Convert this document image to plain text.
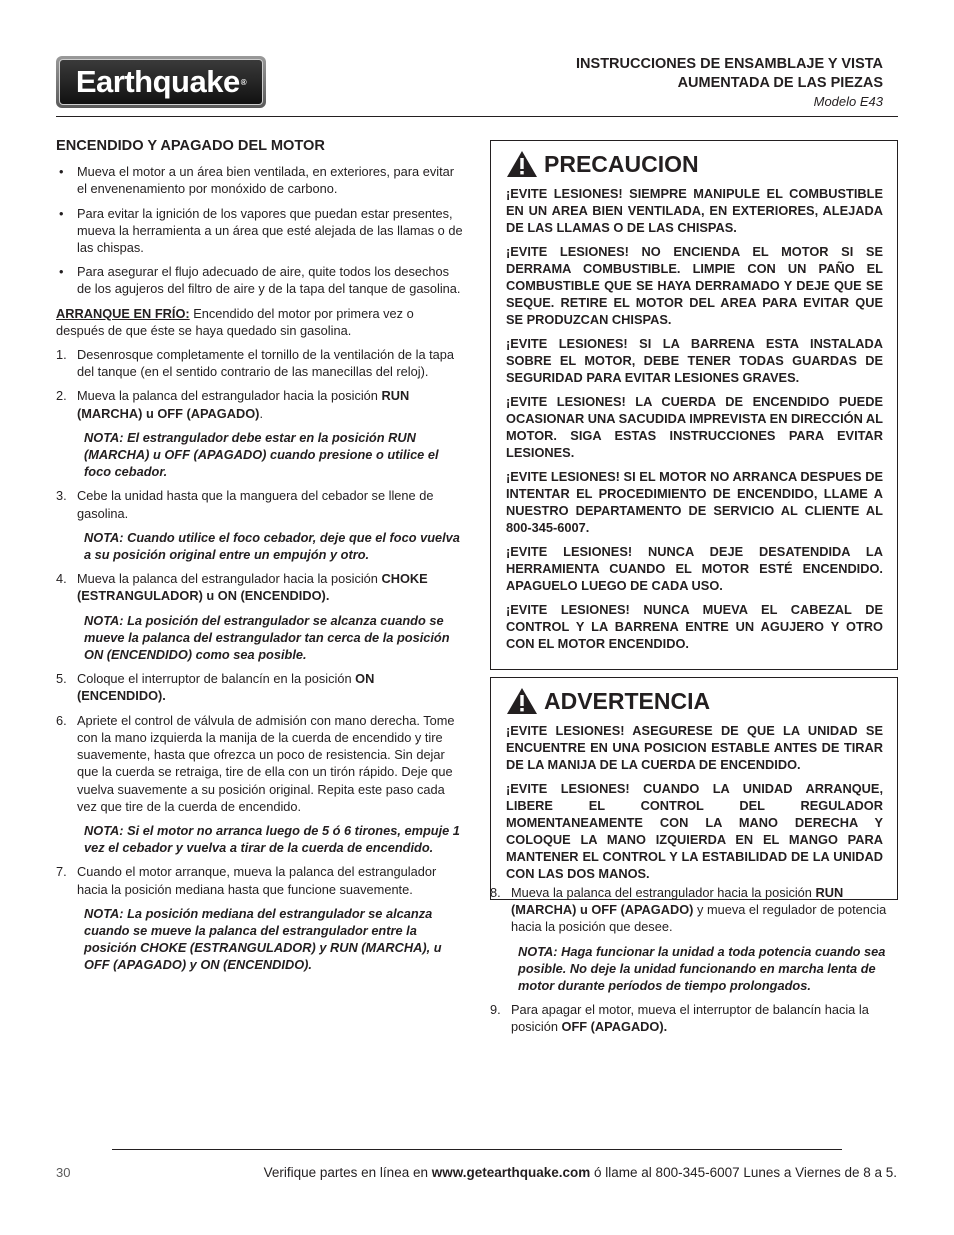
Earthquake ®
INSTRUCCIONES DE ENSAMBLAJE Y VISTA
AUMENTADA DE LAS PIEZAS
Modelo E43
ENCENDIDO Y APAGADO DEL MOTOR
• Mueva el motor a un área bien ventilada, en exteriores, para evitar el envenenamiento por monóxido de carbono.
• Para evitar la ignición de los vapores que puedan estar presentes, mueva la herramienta a un área que esté alejada de las llamas o de las chispas.
• Para asegurar el flujo adecuado de aire, quite todos los desechos de los agujeros del filtro de aire y de la tapa del tanque de gasolina.

ARRANQUE EN FRÍO: Encendido del motor por primera vez o después de que éste se haya quedado sin gasolina.

1. Desenrosque completamente el tornillo de la ventilación de la tapa del tanque (en el sentido contrario de las manecillas del reloj).
2. Mueva la palanca del estrangulador hacia la posición RUN (MARCHA) u OFF (APAGADO).
NOTA: El estrangulador debe estar en la posición RUN (MARCHA) u OFF (APAGADO) cuando presione o utilice el foco cebador.
3. Cebe la unidad hasta que la manguera del cebador se llene de gasolina.
NOTA: Cuando utilice el foco cebador, deje que el foco vuelva a su posición original entre un empujón y otro.
4. Mueva la palanca del estrangulador hacia la posición CHOKE (ESTRANGULADOR) u ON (ENCENDIDO).
NOTA: La posición del estrangulador se alcanza cuando se mueve la palanca del estrangulador tan cerca de la posición ON (ENCENDIDO) como sea posible.
5. Coloque el interruptor de balancín en la posición ON (ENCENDIDO).
6. Apriete el control de válvula de admisión con mano derecha. Tome con la mano izquierda la manija de la cuerda de encendido y tire suavemente, hasta que ofrezca un poco de resistencia. Sin dejar que la cuerda se retraiga, tire de ella con un tirón rápido. Deje que vuelva suavemente a su posición original. Repita este paso cada vez que tire de la cuerda de encendido.
NOTA: Si el motor no arranca luego de 5 ó 6 tirones, empuje 1 vez el cebador y vuelva a tirar de la cuerda de encendido.
7. Cuando el motor arranque, mueva la palanca del estrangulador hacia la posición mediana hasta que funcione suavemente.
NOTA: La posición mediana del estrangulador se alcanza cuando se mueve la palanca del estrangulador entre la posición CHOKE (ESTRANGULADOR) y RUN (MARCHA), u OFF (APAGADO) y ON (ENCENDIDO).
PRECAUCION

¡EVITE LESIONES! SIEMPRE MANIPULE EL COMBUSTIBLE EN UN AREA BIEN VENTILADA, EN EXTERIORES, ALEJADA DE LAS LLAMAS O DE LAS CHISPAS.

¡EVITE LESIONES! NO ENCIENDA EL MOTOR SI SE DERRAMA COMBUSTIBLE. LIMPIE CON UN PAÑO EL COMBUSTIBLE QUE SE HAYA DERRAMADO Y DEJE QUE SE SEQUE. RETIRE EL MOTOR DEL AREA PARA EVITAR QUE SE PRODUZCAN CHISPAS.

¡EVITE LESIONES! SI LA BARRENA ESTA INSTALADA SOBRE EL MOTOR, DEBE TENER TODAS GUARDAS DE SEGURIDAD PARA EVITAR LESIONES GRAVES.

¡EVITE LESIONES! LA CUERDA DE ENCENDIDO PUEDE OCASIONAR UNA SACUDIDA IMPREVISTA EN DIRECCIÓN AL MOTOR. SIGA ESTAS INSTRUCCIONES PARA EVITAR LESIONES.

¡EVITE LESIONES! SI EL MOTOR NO ARRANCA DESPUES DE INTENTAR EL PROCEDIMIENTO DE ENCENDIDO, LLAME A NUESTRO DEPARTAMENTO DE SERVICIO AL CLIENTE AL 800-345-6007.

¡EVITE LESIONES! NUNCA DEJE DESATENDIDA LA HERRAMIENTA CUANDO EL MOTOR ESTÉ ENCENDIDO. APAGUELO LUEGO DE CADA USO.

¡EVITE LESIONES! NUNCA MUEVA EL CABEZAL DE CONTROL Y LA BARRENA ENTRE UN AGUJERO Y OTRO CON EL MOTOR ENCENDIDO.

ADVERTENCIA

¡EVITE LESIONES! ASEGURESE DE QUE LA UNIDAD SE ENCUENTRE EN UNA POSICION ESTABLE ANTES DE TIRAR DE LA MANIJA DE LA CUERDA DE ENCENDIDO.

¡EVITE LESIONES! CUANDO LA UNIDAD ARRANQUE, LIBERE EL CONTROL DEL REGULADOR MOMENTANEAMENTE CON LA MANO DERECHA Y COLOQUE LA MANO IZQUIERDA EN EL MANGO PARA MANTENER EL CONTROL Y LA ESTABILIDAD DE LA UNIDAD CON LAS DOS MANOS.

8. Mueva la palanca del estrangulador hacia la posición RUN (MARCHA) u OFF (APAGADO) y mueva el regulador de potencia hacia la posición que desee.
NOTA: Haga funcionar la unidad a toda potencia cuando sea posible. No deje la unidad funcionando en marcha lenta de motor durante períodos de tiempo prolongados.
9. Para apagar el motor, mueva el interruptor de balancín hacia la posición OFF (APAGADO).
30	Verifique partes en línea en www.getearthquake.com ó llame al 800-345-6007 Lunes a Viernes de 8 a 5.
